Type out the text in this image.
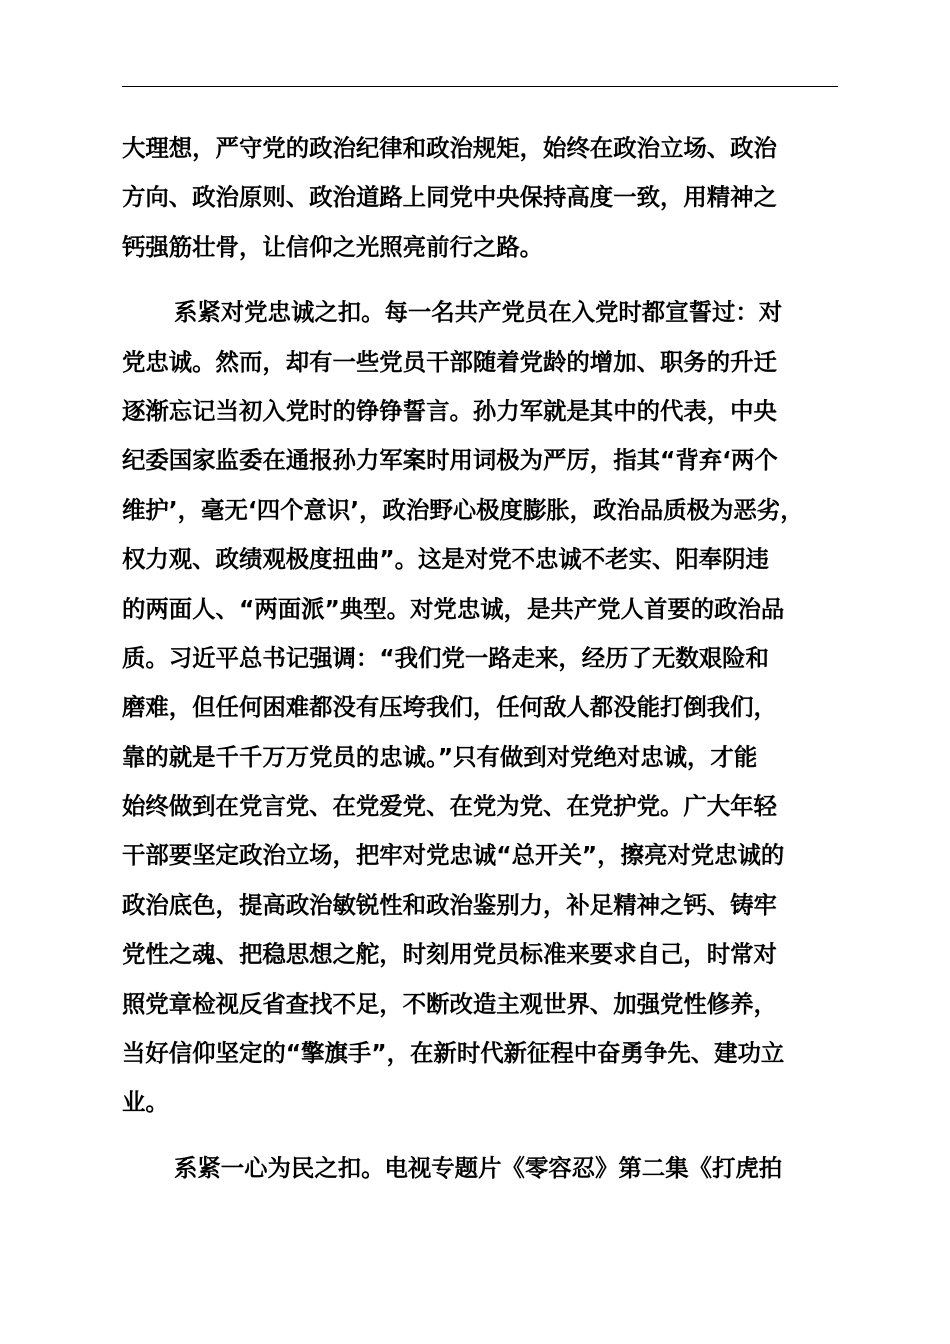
大理想，严守党的政治纪律和政治规矩，始终在政治立场、政治
方向、政治原则、政治道路上同党中央保持高度一致，用精神之
钙强筋壮骨，让信仰之光照亮前行之路。
系紧对党忠诚之扣。每一名共产党员在入党时都宣誓过：对
党忠诚。然而，却有一些党员干部随着党龄的增加、职务的升迁
逐渐忘记当初入党时的铮铮誓言。孙力军就是其中的代表，中央
纪委国家监委在通报孙力军案时用词极为严厉，指其“背弃‘两个
维护’，毫无‘四个意识’，政治野心极度膨胀，政治品质极为恶劣，
权力观、政绩观极度扭曲”。这是对党不忠诚不老实、阳奉阴违
的两面人、“两面派”典型。对党忠诚，是共产党人首要的政治品
质。习近平总书记强调：“我们党一路走来，经历了无数艰险和
磨难，但任何困难都没有压垮我们，任何敌人都没能打倒我们，
靠的就是千千万万党员的忠诚。”只有做到对党绝对忠诚，才能
始终做到在党言党、在党爱党、在党为党、在党护党。广大年轻
干部要坚定政治立场，把牢对党忠诚“总开关”，擦亮对党忠诚的
政治底色，提高政治敏锐性和政治鉴别力，补足精神之钙、铸牢
党性之魂、把稳思想之舵，时刻用党员标准来要求自己，时常对
照党章检视反省查找不足，不断改造主观世界、加强党性修养，
当好信仰坚定的“擎旗手”，在新时代新征程中奋勇争先、建功立
业。
系紧一心为民之扣。电视专题片《零容忍》第二集《打虎拍
